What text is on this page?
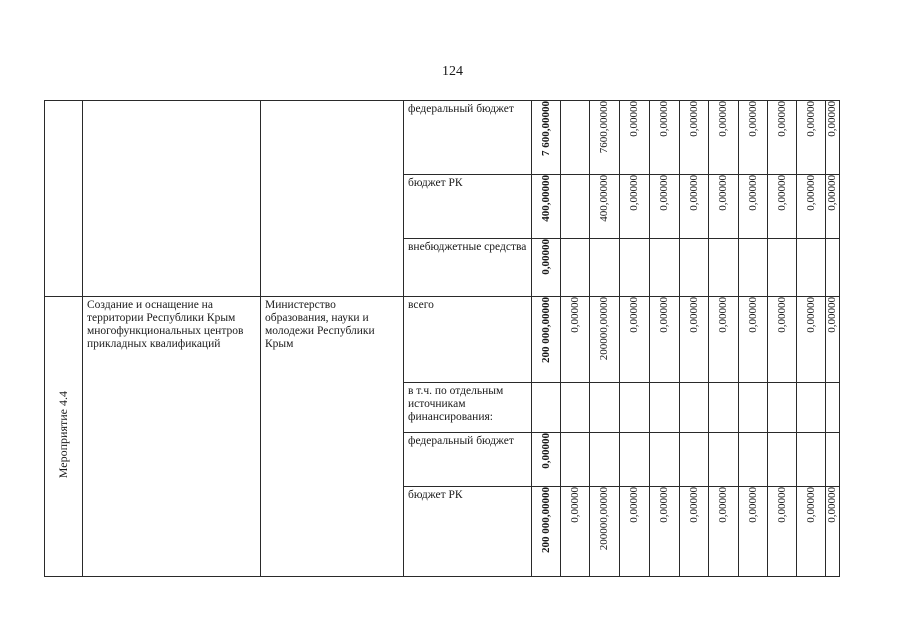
124
			федеральный бюджет	7 600,00000		7600,00000	0,00000	0,00000	0,00000	0,00000	0,00000	0,00000	0,00000	0,00000

			бюджет РК	400,00000		400,00000	0,00000	0,00000	0,00000	0,00000	0,00000	0,00000	0,00000	0,00000

			внебюджетные средства	0,00000										

Мероприятие 4.4	Создание и оснащение на территории Республики Крым многофункциональных центров прикладных квалификаций	Министерство образования, науки и молодежи Республики Крым	всего	200 000,00000	0,00000	200000,00000	0,00000	0,00000	0,00000	0,00000	0,00000	0,00000	0,00000	0,00000

			в т.ч. по отдельным источникам финансирования:	

			федеральный бюджет	0,00000										

			бюджет РК	200 000,00000	0,00000	200000,00000	0,00000	0,00000	0,00000	0,00000	0,00000	0,00000	0,00000	0,00000
